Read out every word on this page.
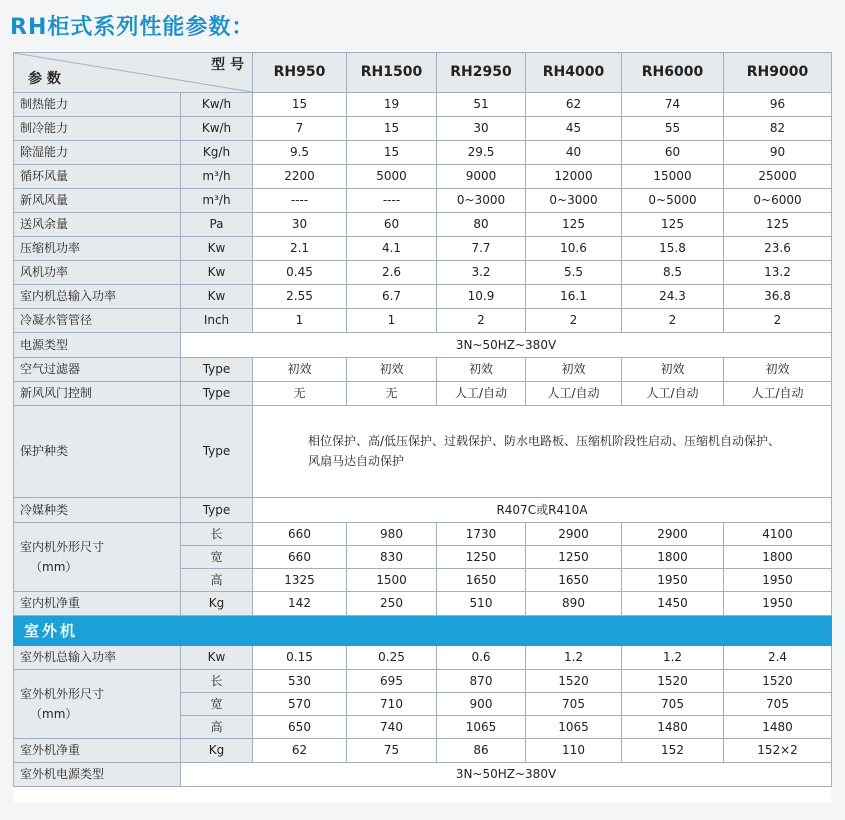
RH柜式系列性能参数：
参 数
型 号		RH950	RH1500	RH2950	RH4000	RH6000	RH9000
制热能力	Kw/h	15	19	51	62	74	96
制冷能力	Kw/h	7	15	30	45	55	82
除湿能力	Kg/h	9.5	15	29.5	40	60	90
循环风量	m³/h	2200	5000	9000	12000	15000	25000
新风风量	m³/h	----	----	0~3000	0~3000	0~5000	0~6000
送风余量	Pa	30	60	80	125	125	125
压缩机功率	Kw	2.1	4.1	7.7	10.6	15.8	23.6
风机功率	Kw	0.45	2.6	3.2	5.5	8.5	13.2
室内机总输入功率	Kw	2.55	6.7	10.9	16.1	24.3	36.8
冷凝水管管径	Inch	1	1	2	2	2	2
电源类型	3N~50HZ~380V						
空气过滤器	Type	初效	初效	初效	初效	初效	初效
新风风门控制	Type	无	无	人工/自动	人工/自动	人工/自动	人工/自动
保护种类	Type	相位保护、高/低压保护、过载保护、防水电路板、压缩机阶段性启动、压缩机自动保护、风扇马达自动保护					
冷媒种类	Type	R407C或R410A					
室内机外形尺寸
（mm）	长	660	980	1730	2900	2900	4100
	宽	660	830	1250	1250	1800	1800
	高	1325	1500	1650	1650	1950	1950
室内机净重	Kg	142	250	510	890	1450	1950
室外机							
室外机总输入功率	Kw	0.15	0.25	0.6	1.2	1.2	2.4
室外机外形尺寸
（mm）	长	530	695	870	1520	1520	1520
	宽	570	710	900	705	705	705
	高	650	740	1065	1065	1480	1480
室外机净重	Kg	62	75	86	110	152	152×2
室外机电源类型	3N~50HZ~380V						
